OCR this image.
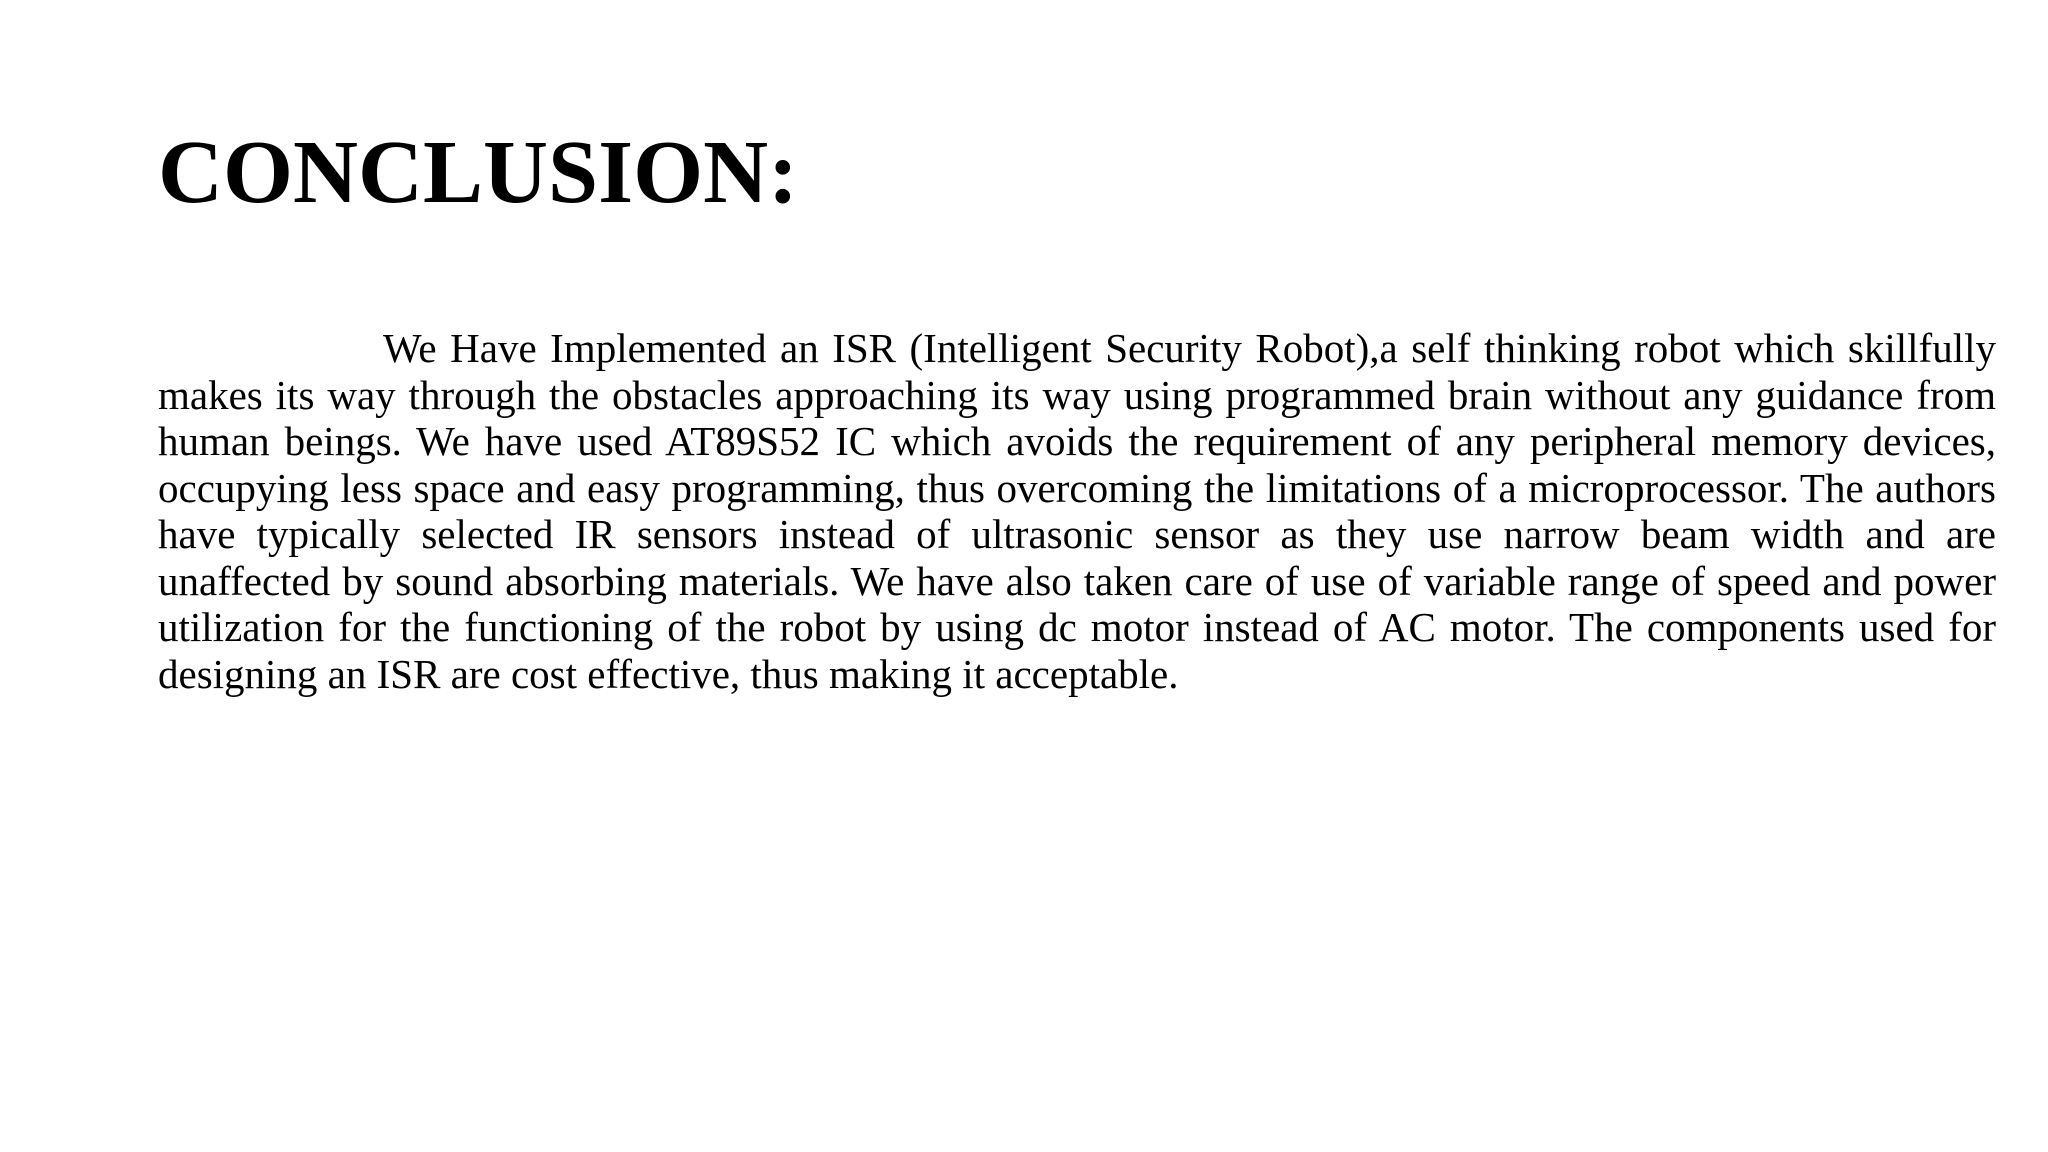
CONCLUSION:

We Have Implemented an ISR (Intelligent Security Robot),a self thinking robot which skillfully makes its way through the obstacles approaching its way using programmed brain without any guidance from human beings. We have used AT89S52 IC which avoids the requirement of any peripheral memory devices, occupying less space and easy programming, thus overcoming the limitations of a microprocessor. The authors have typically selected IR sensors instead of ultrasonic sensor as they use narrow beam width and are unaffected by sound absorbing materials. We have also taken care of use of variable range of speed and power utilization for the functioning of the robot by using dc motor instead of AC motor. The components used for designing an ISR are cost effective, thus making it acceptable.
